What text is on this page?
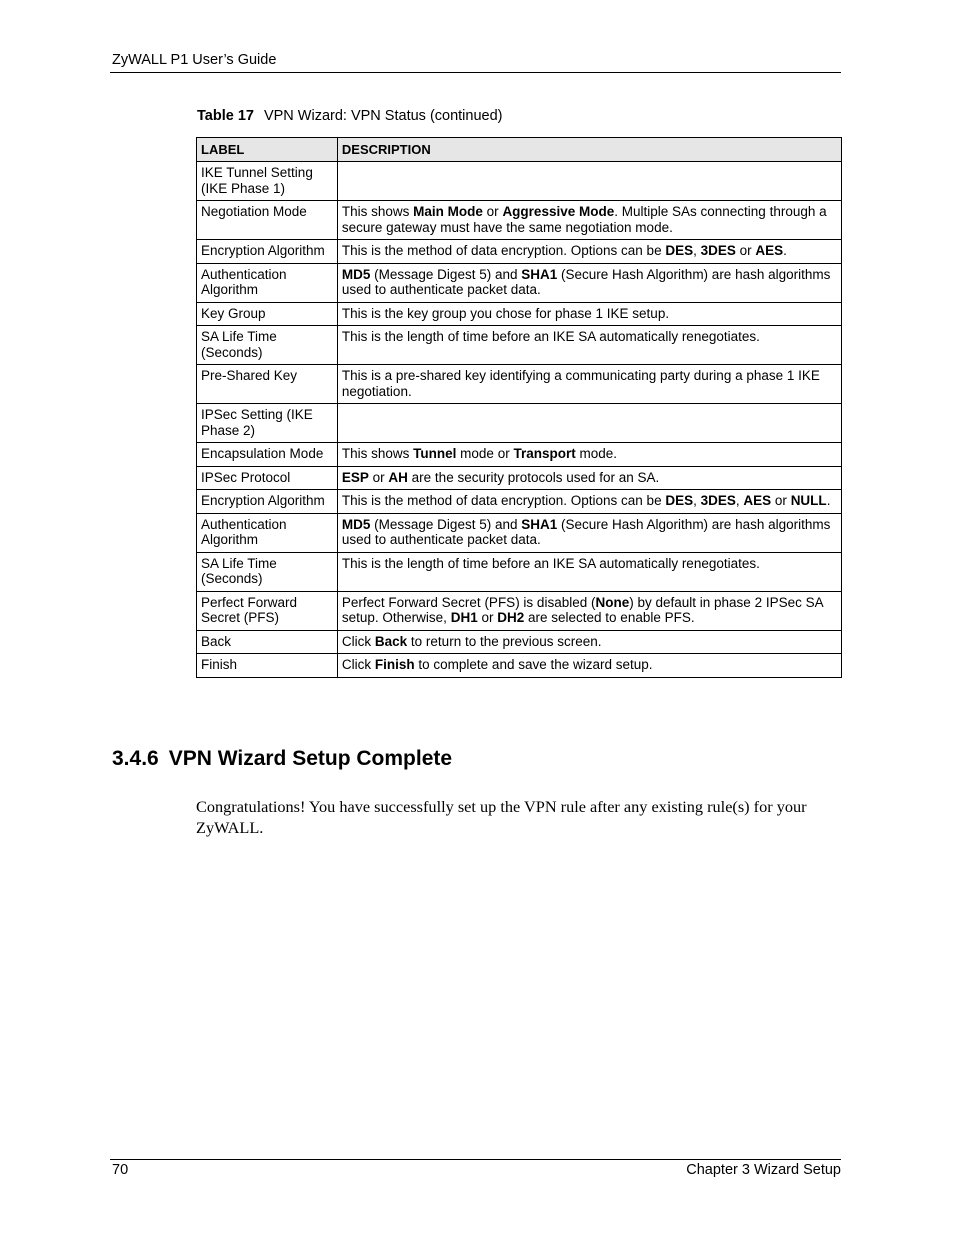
ZyWALL P1 User’s Guide
Table 17 VPN Wizard: VPN Status (continued)
LABEL	DESCRIPTION
IKE Tunnel Setting (IKE Phase 1)	
Negotiation Mode	This shows Main Mode or Aggressive Mode. Multiple SAs connecting through a secure gateway must have the same negotiation mode.
Encryption Algorithm	This is the method of data encryption. Options can be DES, 3DES or AES.
Authentication Algorithm	MD5 (Message Digest 5) and SHA1 (Secure Hash Algorithm) are hash algorithms used to authenticate packet data.
Key Group	This is the key group you chose for phase 1 IKE setup.
SA Life Time (Seconds)	This is the length of time before an IKE SA automatically renegotiates.
Pre-Shared Key	This is a pre-shared key identifying a communicating party during a phase 1 IKE negotiation.
IPSec Setting (IKE Phase 2)	
Encapsulation Mode	This shows Tunnel mode or Transport mode.
IPSec Protocol	ESP or AH are the security protocols used for an SA.
Encryption Algorithm	This is the method of data encryption. Options can be DES, 3DES, AES or NULL.
Authentication Algorithm	MD5 (Message Digest 5) and SHA1 (Secure Hash Algorithm) are hash algorithms used to authenticate packet data.
SA Life Time (Seconds)	This is the length of time before an IKE SA automatically renegotiates.
Perfect Forward Secret (PFS)	Perfect Forward Secret (PFS) is disabled (None) by default in phase 2 IPSec SA setup. Otherwise, DH1 or DH2 are selected to enable PFS.
Back	Click Back to return to the previous screen.
Finish	Click Finish to complete and save the wizard setup.
3.4.6 VPN Wizard Setup Complete
Congratulations! You have successfully set up the VPN rule after any existing rule(s) for your ZyWALL.
70	Chapter 3 Wizard Setup
